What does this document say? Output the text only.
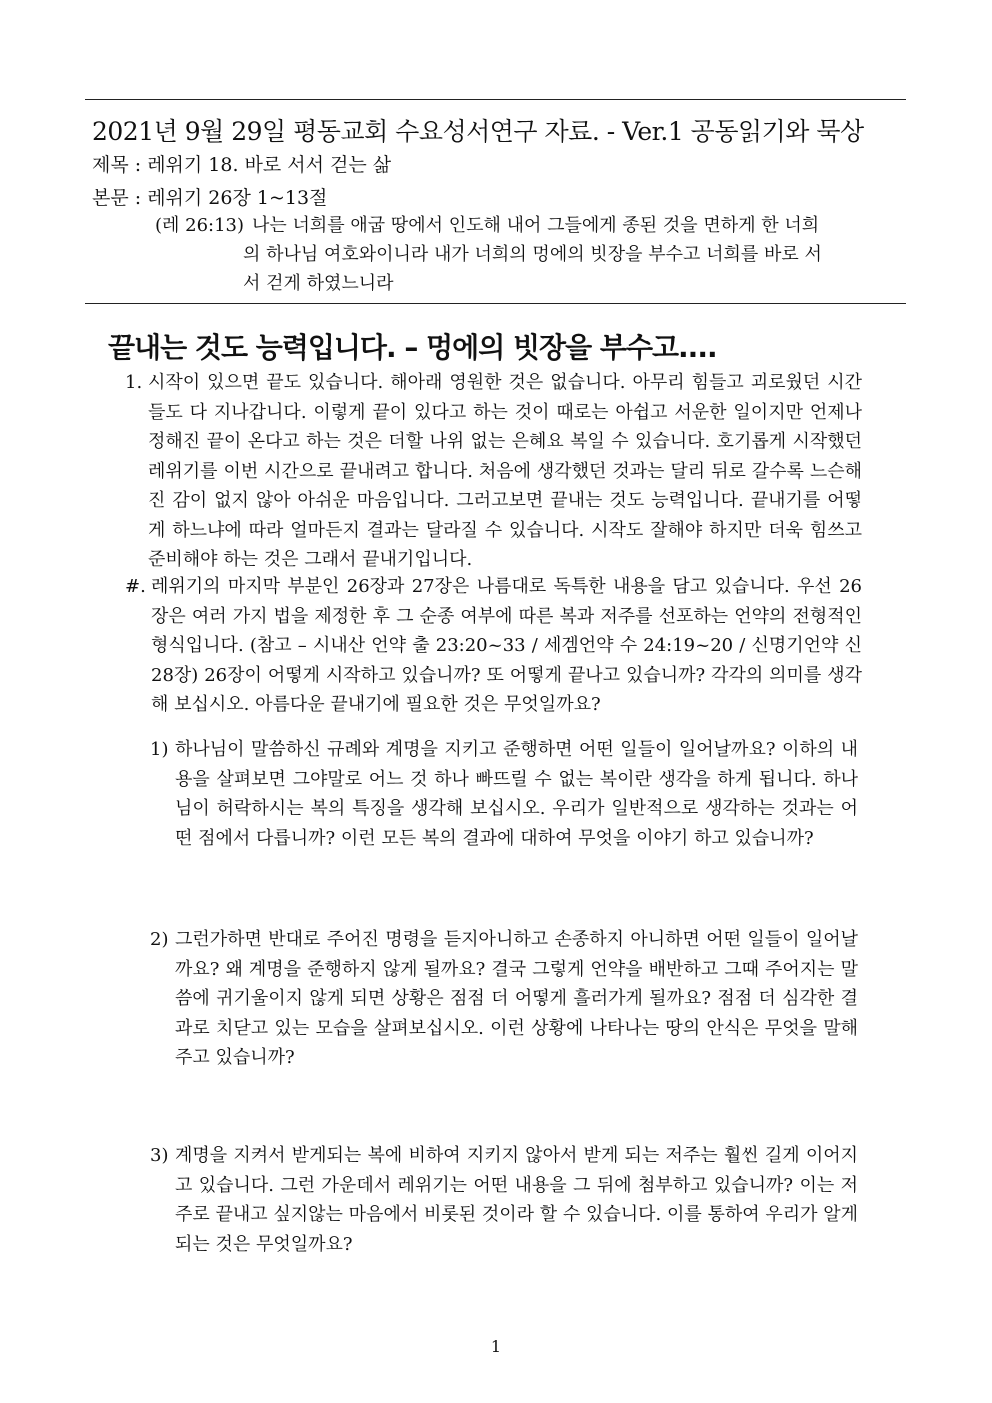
2021년 9월 29일 평동교회 수요성서연구 자료. - Ver.1 공동읽기와 묵상
제목 : 레위기 18. 바로 서서 걷는 삶
본문 : 레위기 26장 1~13절
(레 26:13) 나는 너희를 애굽 땅에서 인도해 내어 그들에게 종된 것을 면하게 한 너희
의 하나님 여호와이니라 내가 너희의 멍에의 빗장을 부수고 너희를 바로 서
서 걷게 하였느니라
끝내는 것도 능력입니다. – 멍에의 빗장을 부수고....
1. 시작이 있으면 끝도 있습니다. 해아래 영원한 것은 없습니다. 아무리 힘들고 괴로웠던 시간들도 다 지나갑니다. 이렇게 끝이 있다고 하는 것이 때로는 아쉽고 서운한 일이지만 언제나 정해진 끝이 온다고 하는 것은 더할 나위 없는 은혜요 복일 수 있습니다. 호기롭게 시작했던 레위기를 이번 시간으로 끝내려고 합니다. 처음에 생각했던 것과는 달리 뒤로 갈수록 느슨해 진 감이 없지 않아 아쉬운 마음입니다. 그러고보면 끝내는 것도 능력입니다. 끝내기를 어떻게 하느냐에 따라 얼마든지 결과는 달라질 수 있습니다. 시작도 잘해야 하지만 더욱 힘쓰고 준비해야 하는 것은 그래서 끝내기입니다.
#. 레위기의 마지막 부분인 26장과 27장은 나름대로 독특한 내용을 담고 있습니다. 우선 26장은 여러 가지 법을 제정한 후 그 순종 여부에 따른 복과 저주를 선포하는 언약의 전형적인 형식입니다. (참고 – 시내산 언약 출 23:20~33 / 세겜언약 수 24:19~20 / 신명기언약 신 28장) 26장이 어떻게 시작하고 있습니까? 또 어떻게 끝나고 있습니까? 각각의 의미를 생각해 보십시오. 아름다운 끝내기에 필요한 것은 무엇일까요?
1) 하나님이 말씀하신 규례와 계명을 지키고 준행하면 어떤 일들이 일어날까요? 이하의 내용을 살펴보면 그야말로 어느 것 하나 빠뜨릴 수 없는 복이란 생각을 하게 됩니다. 하나님이 허락하시는 복의 특징을 생각해 보십시오. 우리가 일반적으로 생각하는 것과는 어떤 점에서 다릅니까? 이런 모든 복의 결과에 대하여 무엇을 이야기 하고 있습니까?
2) 그런가하면 반대로 주어진 명령을 듣지아니하고 손종하지 아니하면 어떤 일들이 일어날까요? 왜 계명을 준행하지 않게 될까요? 결국 그렇게 언약을 배반하고 그때 주어지는 말씀에 귀기울이지 않게 되면 상황은 점점 더 어떻게 흘러가게 될까요? 점점 더 심각한 결과로 치닫고 있는 모습을 살펴보십시오. 이런 상황에 나타나는 땅의 안식은 무엇을 말해주고 있습니까?
3) 계명을 지켜서 받게되는 복에 비하여 지키지 않아서 받게 되는 저주는 훨씬 길게 이어지고 있습니다. 그런 가운데서 레위기는 어떤 내용을 그 뒤에 첨부하고 있습니까? 이는 저주로 끝내고 싶지않는 마음에서 비롯된 것이라 할 수 있습니다. 이를 통하여 우리가 알게 되는 것은 무엇일까요?
1
